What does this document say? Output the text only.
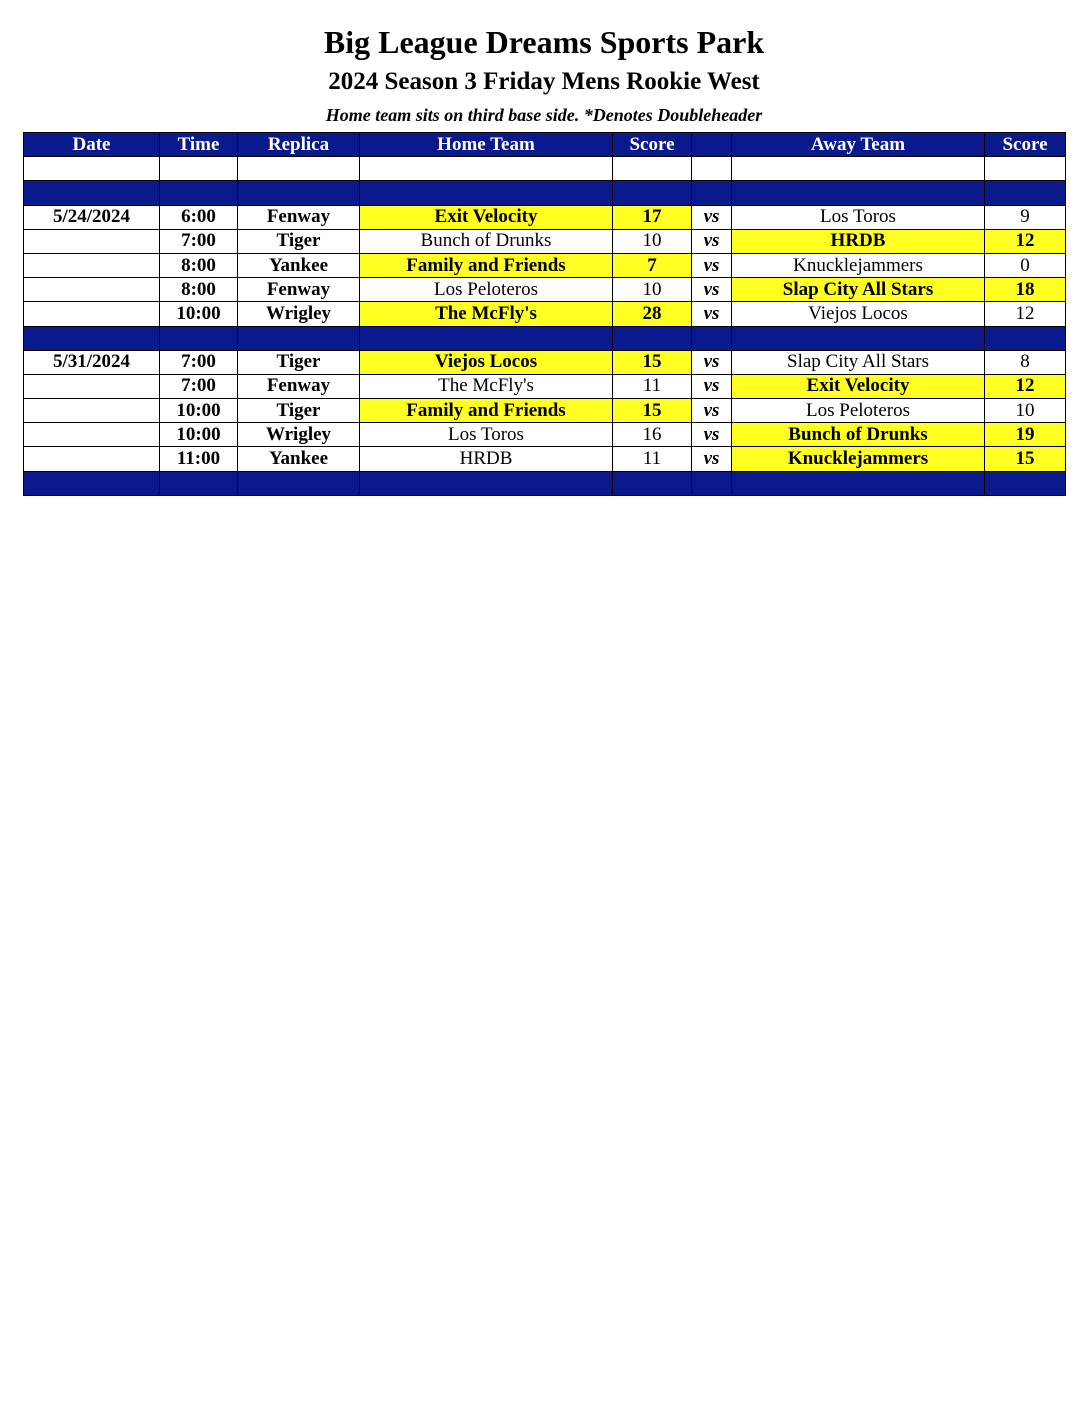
Big League Dreams Sports Park
2024 Season 3 Friday Mens Rookie West
Home team sits on third base side. *Denotes Doubleheader
Date	Time	Replica	Home Team	Score		Away Team	Score

5/24/2024	6:00	Fenway	Exit Velocity	17	vs	Los Toros	9
	7:00	Tiger	Bunch of Drunks	10	vs	HRDB	12
	8:00	Yankee	Family and Friends	7	vs	Knucklejammers	0
	8:00	Fenway	Los Peloteros	10	vs	Slap City All Stars	18
	10:00	Wrigley	The McFly's	28	vs	Viejos Locos	12

5/31/2024	7:00	Tiger	Viejos Locos	15	vs	Slap City All Stars	8
	7:00	Fenway	The McFly's	11	vs	Exit Velocity	12
	10:00	Tiger	Family and Friends	15	vs	Los Peloteros	10
	10:00	Wrigley	Los Toros	16	vs	Bunch of Drunks	19
	11:00	Yankee	HRDB	11	vs	Knucklejammers	15
